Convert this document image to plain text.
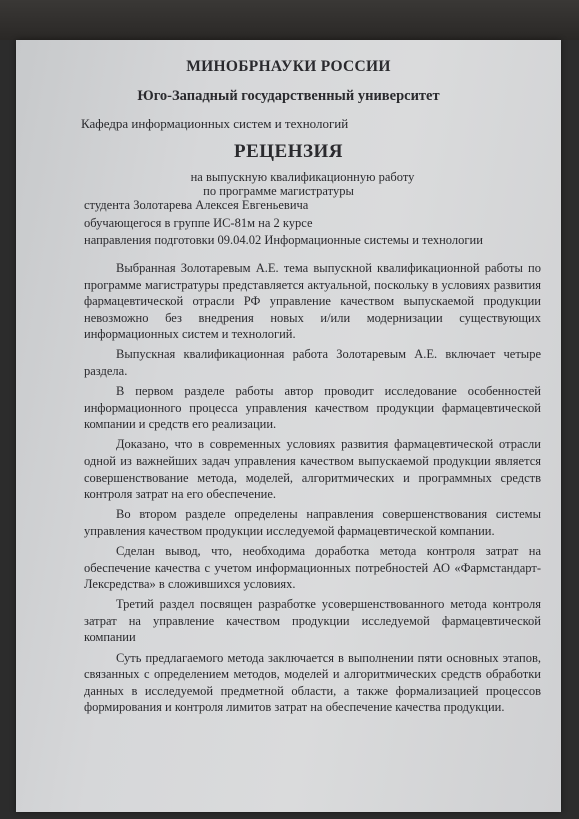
МИНОБРНАУКИ РОССИИ
Юго-Западный государственный университет
Кафедра информационных систем и технологий
РЕЦЕНЗИЯ
на выпускную квалификационную работу
по программе магистратуры
студента Золотарева Алексея Евгеньевича
обучающегося в группе ИС-81м на 2 курсе
направления подготовки 09.04.02 Информационные системы и технологии

Выбранная Золотаревым А.Е. тема выпускной квалификационной работы по программе магистратуры представляется актуальной, поскольку в условиях развития фармацевтической отрасли РФ управление качеством выпускаемой продукции невозможно без внедрения новых и/или модернизации существующих информационных систем и технологий.

Выпускная квалификационная работа Золотаревым А.Е. включает четыре раздела.

В первом разделе работы автор проводит исследование особенностей информационного процесса управления качеством продукции фармацевтической компании и средств его реализации.

Доказано, что в современных условиях развития фармацевтической отрасли одной из важнейших задач управления качеством выпускаемой продукции является совершенствование метода, моделей, алгоритмических и программных средств контроля затрат на его обеспечение.

Во втором разделе определены направления совершенствования системы управления качеством продукции исследуемой фармацевтической компании.

Сделан вывод, что, необходима доработка метода контроля затрат на обеспечение качества с учетом информационных потребностей АО «Фармстандарт-Лексредства» в сложившихся условиях.

Третий раздел посвящен разработке усовершенствованного метода контроля затрат на управление качеством продукции исследуемой фармацевтической компании

Суть предлагаемого метода заключается в выполнении пяти основных этапов, связанных с определением методов, моделей и алгоритмических средств обработки данных в исследуемой предметной области, а также формализацией процессов формирования и контроля лимитов затрат на обеспечение качества продукции.
